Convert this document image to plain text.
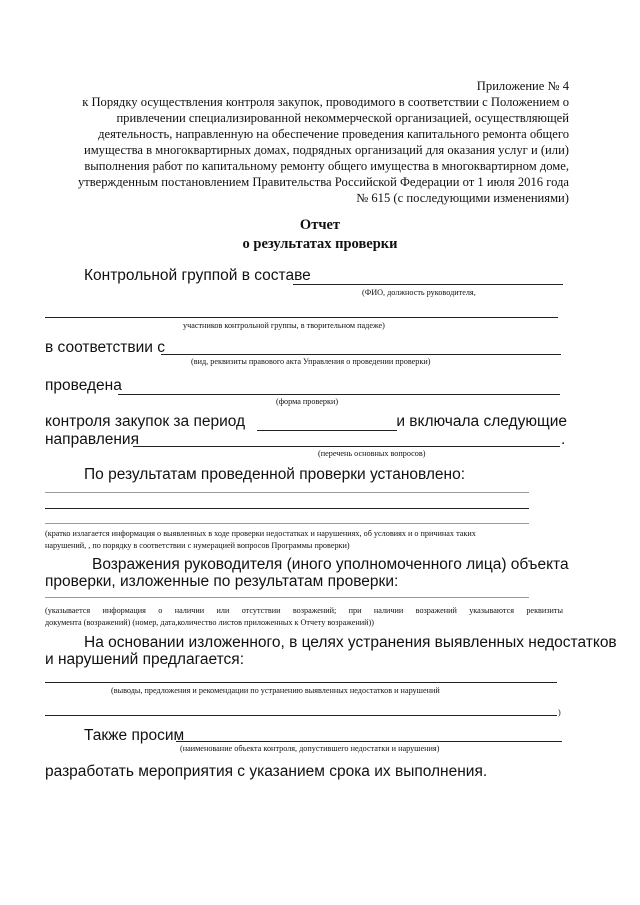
Приложение № 4
к Порядку осуществления контроля закупок, проводимого в соответствии с Положением о
привлечении специализированной некоммерческой организацией, осуществляющей
деятельность, направленную на обеспечение проведения капитального ремонта общего
имущества в многоквартирных домах, подрядных организаций для оказания услуг и (или)
выполнения работ по капитальному ремонту общего имущества в многоквартирном доме,
утвержденным постановлением Правительства Российской Федерации от 1 июля 2016 года
№ 615 (с последующими изменениями)
Отчет
о результатах проверки
Контрольной группой в составе
(ФИО, должность руководителя,
участников контрольной группы, в творительном падеже)
в соответствии с
(вид, реквизиты правового акта Управления о проведении проверки)
проведена
(форма проверки)
контроля закупок за период	и включала следующие
направления	.
(перечень основных вопросов)
По результатам проведенной проверки установлено:
(кратко излагается информация о выявленных в ходе проверки недостатках и нарушениях, об условиях и о причинах таких
нарушений, , по порядку в соответствии с нумерацией вопросов Программы проверки)
Возражения руководителя (иного уполномоченного лица) объекта
проверки, изложенные по результатам проверки:
(указывается информация о наличии или отсутствии возражений; при наличии возражений указываются реквизиты
документа (возражений) (номер, дата,количество листов приложенных к Отчету возражений))
На основании изложенного, в целях устранения выявленных недостатков
и нарушений предлагается:
(выводы, предложения и рекомендации по устранению выявленных недостатков и нарушений
)
Также просим
(наименование объекта контроля, допустившего недостатки и нарушения)
разработать мероприятия с указанием срока их выполнения.
